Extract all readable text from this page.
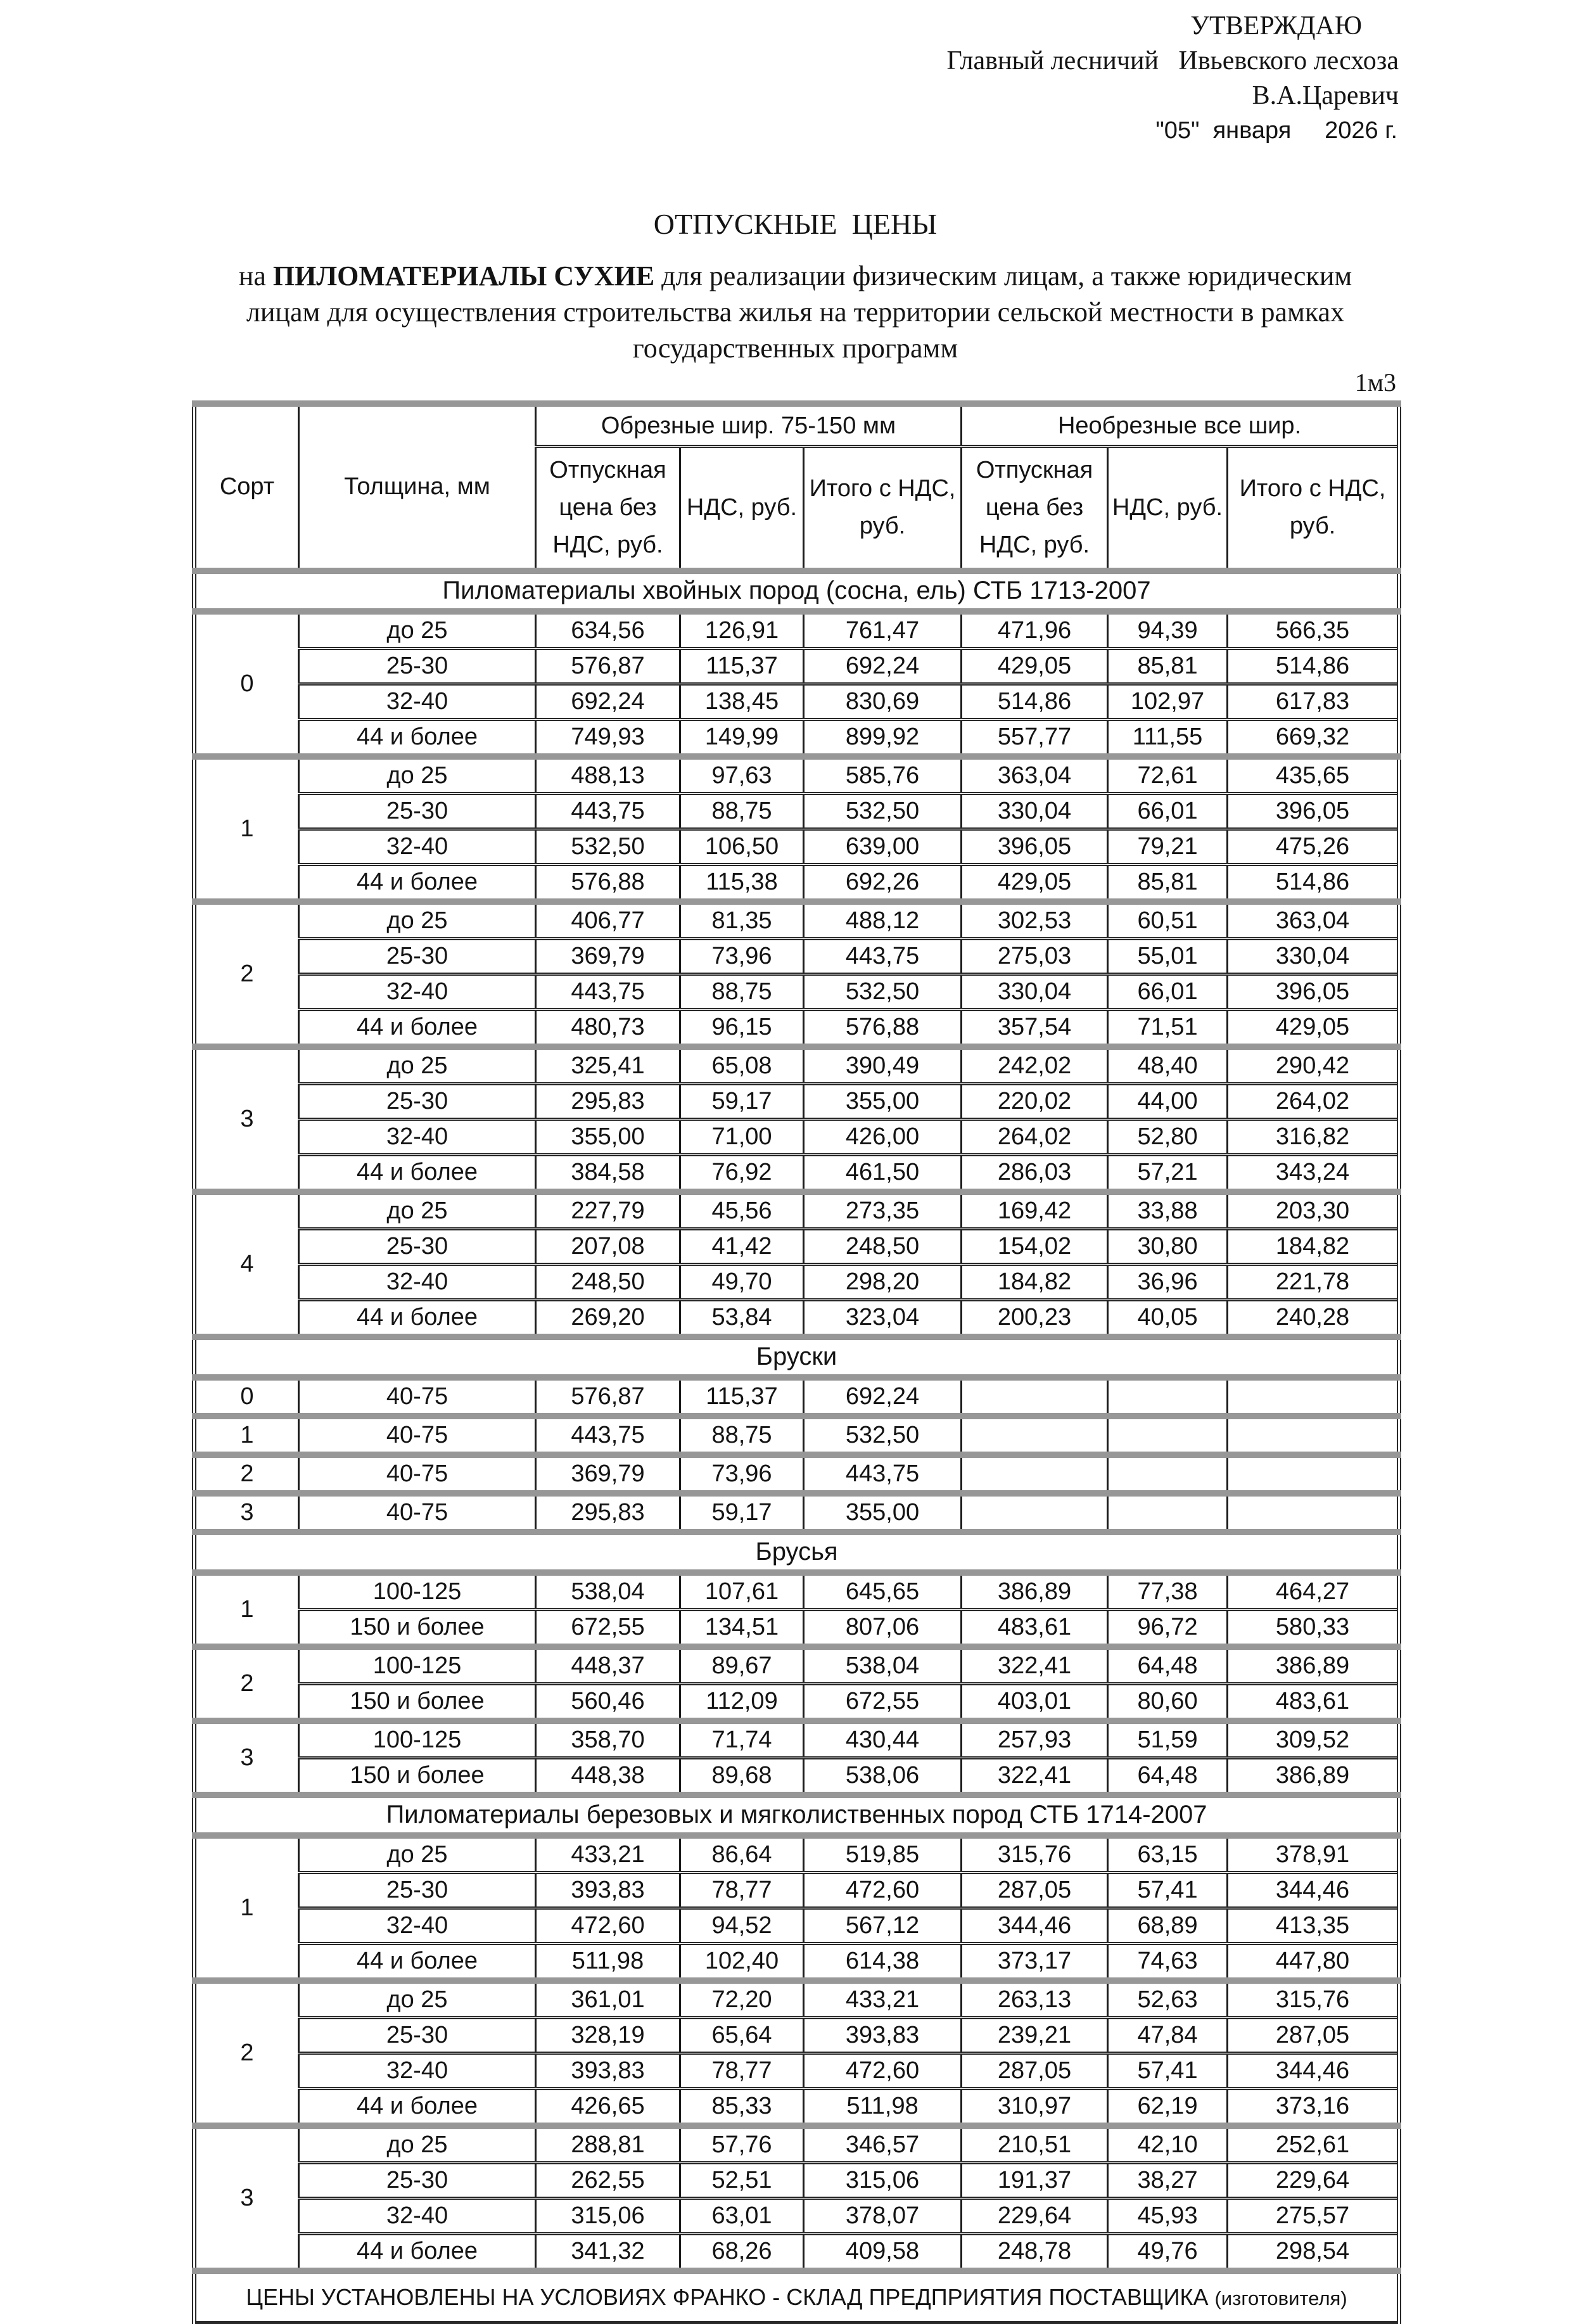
УТВЕРЖДАЮ
Главный лесничий   Ивьевского лесхоза
В.А.Царевич
"05"  января     2026 г.
ОТПУСКНЫЕ  ЦЕНЫ
на ПИЛОМАТЕРИАЛЫ СУХИЕ для реализации физическим лицам, а также юридическим лицам для осуществления строительства жилья на территории сельской местности в рамках государственных программ
1м3
Сорт	Толщина, мм	Обрезные шир. 75-150 мм			Необрезные все шир.		
		Отпускная цена без НДС, руб.	НДС, руб.	Итого с НДС, руб.	Отпускная цена без НДС, руб.	НДС, руб.	Итого с НДС, руб.
Пиломатериалы хвойных пород (сосна, ель) СТБ 1713-2007							
0	до 25	634,56	126,91	761,47	471,96	94,39	566,35
	25-30	576,87	115,37	692,24	429,05	85,81	514,86
	32-40	692,24	138,45	830,69	514,86	102,97	617,83
	44 и более	749,93	149,99	899,92	557,77	111,55	669,32
1	до 25	488,13	97,63	585,76	363,04	72,61	435,65
	25-30	443,75	88,75	532,50	330,04	66,01	396,05
	32-40	532,50	106,50	639,00	396,05	79,21	475,26
	44 и более	576,88	115,38	692,26	429,05	85,81	514,86
2	до 25	406,77	81,35	488,12	302,53	60,51	363,04
	25-30	369,79	73,96	443,75	275,03	55,01	330,04
	32-40	443,75	88,75	532,50	330,04	66,01	396,05
	44 и более	480,73	96,15	576,88	357,54	71,51	429,05
3	до 25	325,41	65,08	390,49	242,02	48,40	290,42
	25-30	295,83	59,17	355,00	220,02	44,00	264,02
	32-40	355,00	71,00	426,00	264,02	52,80	316,82
	44 и более	384,58	76,92	461,50	286,03	57,21	343,24
4	до 25	227,79	45,56	273,35	169,42	33,88	203,30
	25-30	207,08	41,42	248,50	154,02	30,80	184,82
	32-40	248,50	49,70	298,20	184,82	36,96	221,78
	44 и более	269,20	53,84	323,04	200,23	40,05	240,28
Бруски							
0	40-75	576,87	115,37	692,24			
1	40-75	443,75	88,75	532,50			
2	40-75	369,79	73,96	443,75			
3	40-75	295,83	59,17	355,00			
Брусья							
1	100-125	538,04	107,61	645,65	386,89	77,38	464,27
	150 и более	672,55	134,51	807,06	483,61	96,72	580,33
2	100-125	448,37	89,67	538,04	322,41	64,48	386,89
	150 и более	560,46	112,09	672,55	403,01	80,60	483,61
3	100-125	358,70	71,74	430,44	257,93	51,59	309,52
	150 и более	448,38	89,68	538,06	322,41	64,48	386,89
Пиломатериалы березовых и мягколиственных пород СТБ 1714-2007							
1	до 25	433,21	86,64	519,85	315,76	63,15	378,91
	25-30	393,83	78,77	472,60	287,05	57,41	344,46
	32-40	472,60	94,52	567,12	344,46	68,89	413,35
	44 и более	511,98	102,40	614,38	373,17	74,63	447,80
2	до 25	361,01	72,20	433,21	263,13	52,63	315,76
	25-30	328,19	65,64	393,83	239,21	47,84	287,05
	32-40	393,83	78,77	472,60	287,05	57,41	344,46
	44 и более	426,65	85,33	511,98	310,97	62,19	373,16
3	до 25	288,81	57,76	346,57	210,51	42,10	252,61
	25-30	262,55	52,51	315,06	191,37	38,27	229,64
	32-40	315,06	63,01	378,07	229,64	45,93	275,57
	44 и более	341,32	68,26	409,58	248,78	49,76	298,54
ЦЕНЫ УСТАНОВЛЕНЫ НА УСЛОВИЯХ ФРАНКО - СКЛАД ПРЕДПРИЯТИЯ ПОСТАВЩИКА (изготовителя)							
